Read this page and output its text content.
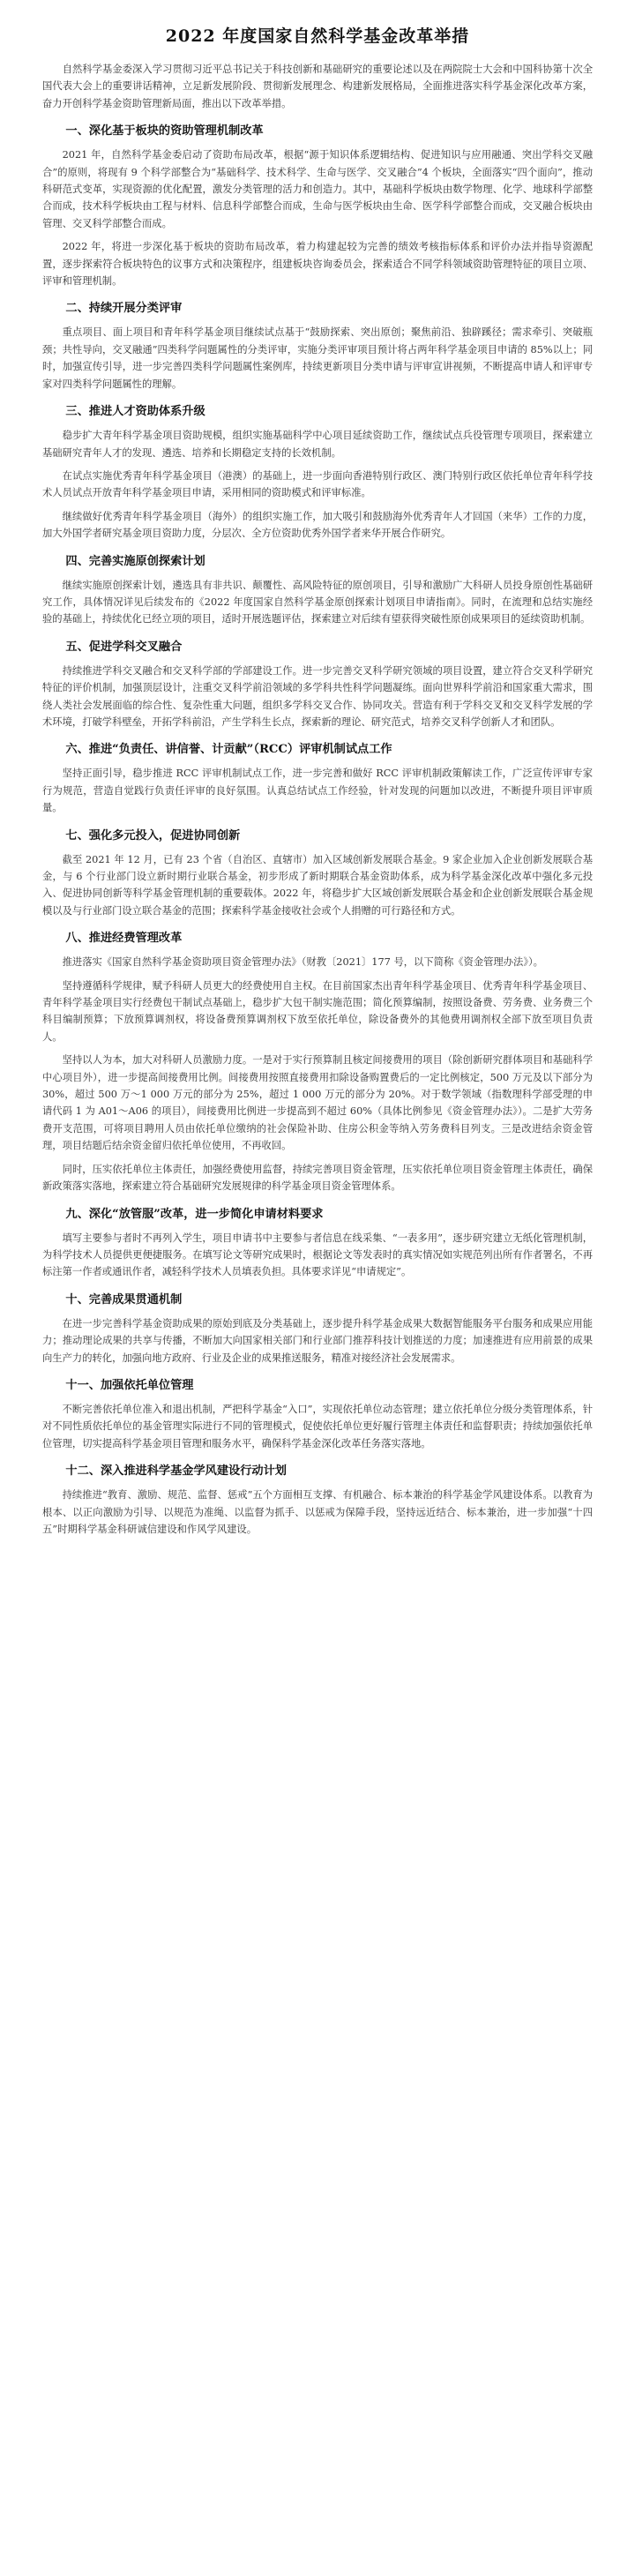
2022 年度国家自然科学基金改革举措

自然科学基金委深入学习贯彻习近平总书记关于科技创新和基础研究的重要论述以及在两院院士大会和中国科协第十次全国代表大会上的重要讲话精神，立足新发展阶段、贯彻新发展理念、构建新发展格局，全面推进落实科学基金深化改革方案，奋力开创科学基金资助管理新局面，推出以下改革举措。

一、深化基于板块的资助管理机制改革

2021 年，自然科学基金委启动了资助布局改革，根据“源于知识体系逻辑结构、促进知识与应用融通、突出学科交叉融合”的原则，将现有 9 个科学部整合为“基础科学、技术科学、生命与医学、交叉融合”4 个板块，全面落实“四个面向”，推动科研范式变革，实现资源的优化配置，激发分类管理的活力和创造力。其中，基础科学板块由数学物理、化学、地球科学部整合而成，技术科学板块由工程与材料、信息科学部整合而成，生命与医学板块由生命、医学科学部整合而成，交叉融合板块由管理、交叉科学部整合而成。

2022 年，将进一步深化基于板块的资助布局改革，着力构建起较为完善的绩效考核指标体系和评价办法并指导资源配置，逐步探索符合板块特色的议事方式和决策程序，组建板块咨询委员会，探索适合不同学科领域资助管理特征的项目立项、评审和管理机制。

二、持续开展分类评审

重点项目、面上项目和青年科学基金项目继续试点基于“鼓励探索、突出原创；聚焦前沿、独辟蹊径；需求牵引、突破瓶颈；共性导向，交叉融通”四类科学问题属性的分类评审，实施分类评审项目预计将占两年科学基金项目申请的 85%以上；同时，加强宣传引导，进一步完善四类科学问题属性案例库，持续更新项目分类申请与评审宣讲视频，不断提高申请人和评审专家对四类科学问题属性的理解。

三、推进人才资助体系升级

稳步扩大青年科学基金项目资助规模，组织实施基础科学中心项目延续资助工作，继续试点兵役管理专项项目，探索建立基础研究青年人才的发现、遴选、培养和长期稳定支持的长效机制。

在试点实施优秀青年科学基金项目（港澳）的基础上，进一步面向香港特别行政区、澳门特别行政区依托单位青年科学技术人员试点开放青年科学基金项目申请，采用相同的资助模式和评审标准。

继续做好优秀青年科学基金项目（海外）的组织实施工作，加大吸引和鼓励海外优秀青年人才回国（来华）工作的力度，加大外国学者研究基金项目资助力度，分层次、全方位资助优秀外国学者来华开展合作研究。

四、完善实施原创探索计划

继续实施原创探索计划，遴选具有非共识、颠覆性、高风险特征的原创项目，引导和激励广大科研人员投身原创性基础研究工作，具体情况详见后续发布的《2022 年度国家自然科学基金原创探索计划项目申请指南》。同时，在流理和总结实施经验的基础上，持续优化已经立项的项目，适时开展选题评估，探索建立对后续有望获得突破性原创成果项目的延续资助机制。

五、促进学科交叉融合

持续推进学科交叉融合和交叉科学部的学部建设工作。进一步完善交叉科学研究领域的项目设置，建立符合交叉科学研究特征的评价机制，加强顶层设计，注重交叉科学前沿领域的多学科共性科学问题凝练。面向世界科学前沿和国家重大需求，围绕人类社会发展面临的综合性、复杂性重大问题，组织多学科交叉合作、协同攻关。营造有利于学科交叉和交叉科学发展的学术环境，打破学科壁垒，开拓学科前沿，产生学科生长点，探索新的理论、研究范式，培养交叉科学创新人才和团队。

六、推进“负责任、讲信誉、计贡献”（RCC）评审机制试点工作

坚持正面引导，稳步推进 RCC 评审机制试点工作，进一步完善和做好 RCC 评审机制政策解读工作，广泛宣传评审专家行为规范，营造自觉践行负责任评审的良好氛围。认真总结试点工作经验，针对发现的问题加以改进，不断提升项目评审质量。

七、强化多元投入，促进协同创新

截至 2021 年 12 月，已有 23 个省（自治区、直辖市）加入区域创新发展联合基金。9 家企业加入企业创新发展联合基金，与 6 个行业部门设立新时期行业联合基金，初步形成了新时期联合基金资助体系，成为科学基金深化改革中强化多元投入、促进协同创新等科学基金管理机制的重要载体。2022 年，将稳步扩大区域创新发展联合基金和企业创新发展联合基金规模以及与行业部门设立联合基金的范围；探索科学基金接收社会或个人捐赠的可行路径和方式。

八、推进经费管理改革

推进落实《国家自然科学基金资助项目资金管理办法》（财教〔2021〕177 号，以下简称《资金管理办法》）。

坚持遵循科学规律，赋予科研人员更大的经费使用自主权。在目前国家杰出青年科学基金项目、优秀青年科学基金项目、青年科学基金项目实行经费包干制试点基础上，稳步扩大包干制实施范围；简化预算编制，按照设备费、劳务费、业务费三个科目编制预算；下放预算调剂权，将设备费预算调剂权下放至依托单位，除设备费外的其他费用调剂权全部下放至项目负责人。

坚持以人为本，加大对科研人员激励力度。一是对于实行预算制且核定间接费用的项目（除创新研究群体项目和基础科学中心项目外），进一步提高间接费用比例。间接费用按照直接费用扣除设备购置费后的一定比例核定，500 万元及以下部分为 30%，超过 500 万～1 000 万元的部分为 25%，超过 1 000 万元的部分为 20%。对于数学领域（指数理科学部受理的申请代码 1 为 A01～A06 的项目），间接费用比例进一步提高到不超过 60%（具体比例参见《资金管理办法》）。二是扩大劳务费开支范围，可将项目聘用人员由依托单位缴纳的社会保险补助、住房公积金等纳入劳务费科目列支。三是改进结余资金管理，项目结题后结余资金留归依托单位使用，不再收回。

同时，压实依托单位主体责任，加强经费使用监督，持续完善项目资金管理，压实依托单位项目资金管理主体责任，确保新政策落实落地，探索建立符合基础研究发展规律的科学基金项目资金管理体系。

九、深化“放管服”改革，进一步简化申请材料要求

填写主要参与者时不再列入学生，项目申请书中主要参与者信息在线采集、“一表多用”，逐步研究建立无纸化管理机制，为科学技术人员提供更便捷服务。在填写论文等研究成果时，根据论文等发表时的真实情况如实规范列出所有作者署名，不再标注第一作者或通讯作者，减轻科学技术人员填表负担。具体要求详见“申请规定”。

十、完善成果贯通机制

在进一步完善科学基金资助成果的原始到底及分类基础上，逐步提升科学基金成果大数据智能服务平台服务和成果应用能力；推动理论成果的共享与传播，不断加大向国家相关部门和行业部门推荐科技计划推送的力度；加速推进有应用前景的成果向生产力的转化，加强向地方政府、行业及企业的成果推送服务，精准对接经济社会发展需求。

十一、加强依托单位管理

不断完善依托单位准入和退出机制，严把科学基金“入口”，实现依托单位动态管理；建立依托单位分级分类管理体系，针对不同性质依托单位的基金管理实际进行不同的管理模式，促使依托单位更好履行管理主体责任和监督职责；持续加强依托单位管理，切实提高科学基金项目管理和服务水平，确保科学基金深化改革任务落实落地。

十二、深入推进科学基金学风建设行动计划

持续推进“教育、激励、规范、监督、惩戒”五个方面相互支撑、有机融合、标本兼治的科学基金学风建设体系。以教育为根本、以正向激励为引导、以规范为准绳、以监督为抓手、以惩戒为保障手段，坚持远近结合、标本兼治，进一步加强“十四五”时期科学基金科研诚信建设和作风学风建设。
